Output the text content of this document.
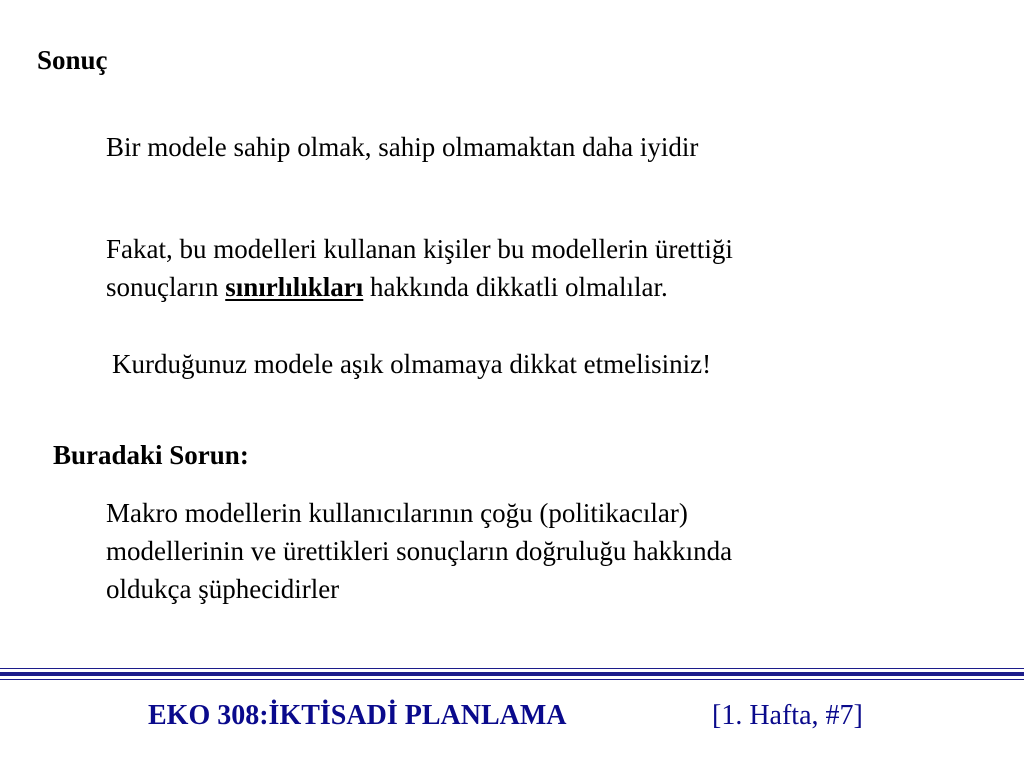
Sonuç
Bir modele sahip olmak, sahip olmamaktan daha iyidir
Fakat, bu modelleri kullanan kişiler bu modellerin ürettiği
sonuçların sınırlılıkları hakkında dikkatli olmalılar.
Kurduğunuz modele aşık olmamaya dikkat etmelisiniz!
Buradaki Sorun:
Makro modellerin kullanıcılarının çoğu (politikacılar)
modellerinin ve ürettikleri sonuçların doğruluğu hakkında
oldukça şüphecidirler
EKO 308:İKTİSADİ PLANLAMA	[1. Hafta, #7]
